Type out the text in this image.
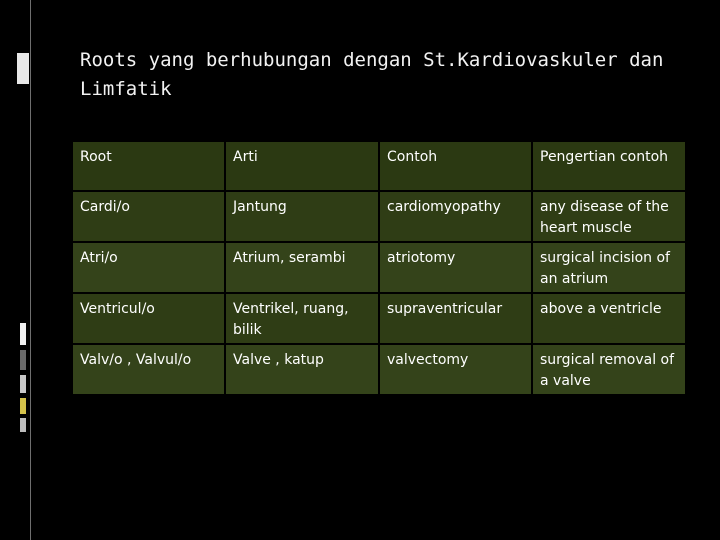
Roots yang berhubungan dengan St.Kardiovaskuler dan Limfatik
Root	Arti	Contoh	Pengertian contoh
Cardi/o	Jantung	cardiomyopathy	any disease of the heart muscle
Atri/o	Atrium, serambi	atriotomy	surgical incision of an atrium
Ventricul/o	Ventrikel, ruang, bilik	supraventricular	above a ventricle
Valv/o , Valvul/o	Valve , katup	valvectomy	surgical removal of a valve
